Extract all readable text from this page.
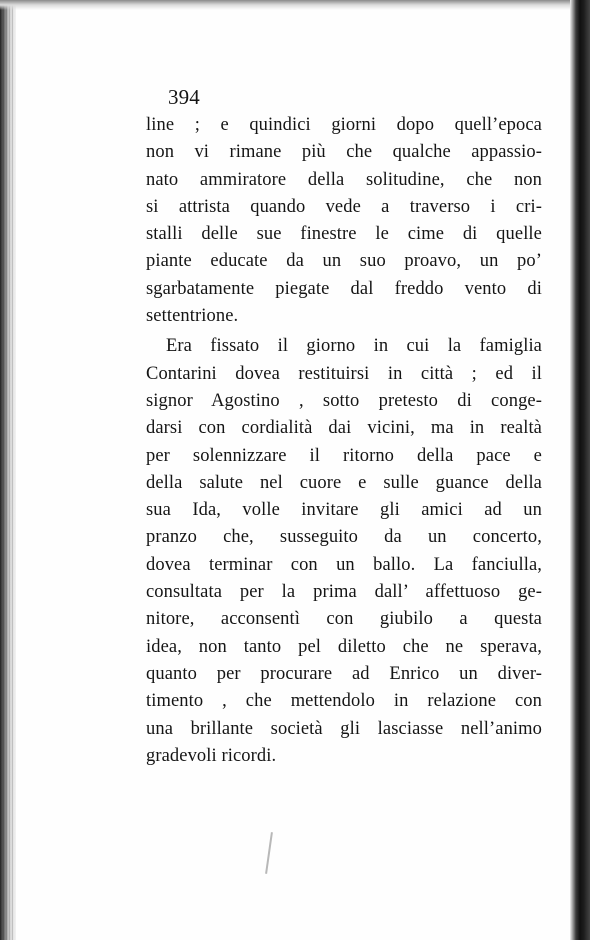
394
line ; e quindici giorni dopo quell’epoca
non vi rimane più che qualche appassio-
nato ammiratore della solitudine, che non
si attrista quando vede a traverso i cri-
stalli delle sue finestre le cime di quelle
piante educate da un suo proavo, un po’
sgarbatamente piegate dal freddo vento di
settentrione.
Era fissato il giorno in cui la famiglia
Contarini dovea restituirsi in città ; ed il
signor Agostino , sotto pretesto di conge-
darsi con cordialità dai vicini, ma in realtà
per solennizzare il ritorno della pace e
della salute nel cuore e sulle guance della
sua Ida, volle invitare gli amici ad un
pranzo che, susseguito da un concerto,
dovea terminar con un ballo. La fanciulla,
consultata per la prima dall’ affettuoso ge-
nitore, acconsentì con giubilo a questa
idea, non tanto pel diletto che ne sperava,
quanto per procurare ad Enrico un diver-
timento , che mettendolo in relazione con
una brillante società gli lasciasse nell’animo
gradevoli ricordi.
